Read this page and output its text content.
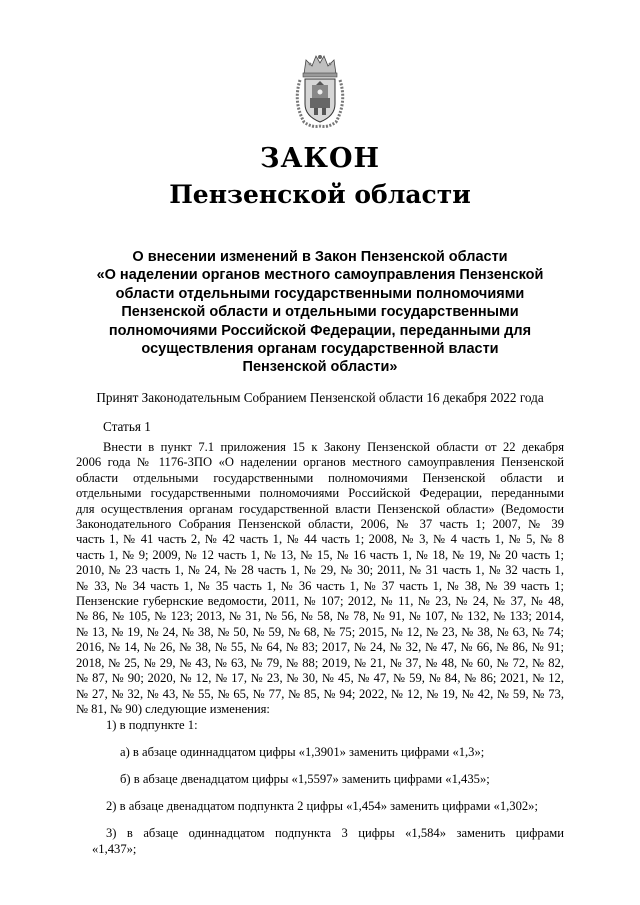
ЗАКОН
Пензенской области
О внесении изменений в Закон Пензенской области
«О наделении органов местного самоуправления Пензенской
области отдельными государственными полномочиями
Пензенской области и отдельными государственными
полномочиями Российской Федерации, переданными для
осуществления органам государственной власти
Пензенской области»
Принят Законодательным Собранием Пензенской области 16 декабря 2022 года
Статья 1
Внести в пункт 7.1 приложения 15 к Закону Пензенской области от 22 декабря
2006 года № 1176-ЗПО «О наделении органов местного самоуправления Пензенской
области отдельными государственными полномочиями Пензенской области и
отдельными государственными полномочиями Российской Федерации, переданными
для осуществления органам государственной власти Пензенской области» (Ведомости
Законодательного Собрания Пензенской области, 2006, № 37 часть 1; 2007, № 39
часть 1, № 41 часть 2, № 42 часть 1, № 44 часть 1; 2008, № 3, № 4 часть 1, № 5, № 8
часть 1, № 9; 2009, № 12 часть 1, № 13, № 15, № 16 часть 1, № 18, № 19, № 20 часть 1;
2010, № 23 часть 1, № 24, № 28 часть 1, № 29, № 30; 2011, № 31 часть 1, № 32 часть 1,
№ 33, № 34 часть 1, № 35 часть 1, № 36 часть 1, № 37 часть 1, № 38, № 39 часть 1;
Пензенские губернские ведомости, 2011, № 107; 2012, № 11, № 23, № 24, № 37, № 48,
№ 86, № 105, № 123; 2013, № 31, № 56, № 58, № 78, № 91, № 107, № 132, № 133; 2014,
№ 13, № 19, № 24, № 38, № 50, № 59, № 68, № 75; 2015, № 12, № 23, № 38, № 63, № 74;
2016, № 14, № 26, № 38, № 55, № 64, № 83; 2017, № 24, № 32, № 47, № 66, № 86, № 91;
2018, № 25, № 29, № 43, № 63, № 79, № 88; 2019, № 21, № 37, № 48, № 60, № 72, № 82,
№ 87, № 90; 2020, № 12, № 17, № 23, № 30, № 45, № 47, № 59, № 84, № 86; 2021, № 12,
№ 27, № 32, № 43, № 55, № 65, № 77, № 85, № 94; 2022, № 12, № 19, № 42, № 59, № 73,
№ 81, № 90) следующие изменения:
1) в подпункте 1:
а) в абзаце одиннадцатом цифры «1,3901» заменить цифрами «1,3»;
б) в абзаце двенадцатом цифры «1,5597» заменить цифрами «1,435»;
2) в абзаце двенадцатом подпункта 2 цифры «1,454» заменить цифрами «1,302»;
3) в абзаце одиннадцатом подпункта 3 цифры «1,584» заменить цифрами
«1,437»;
